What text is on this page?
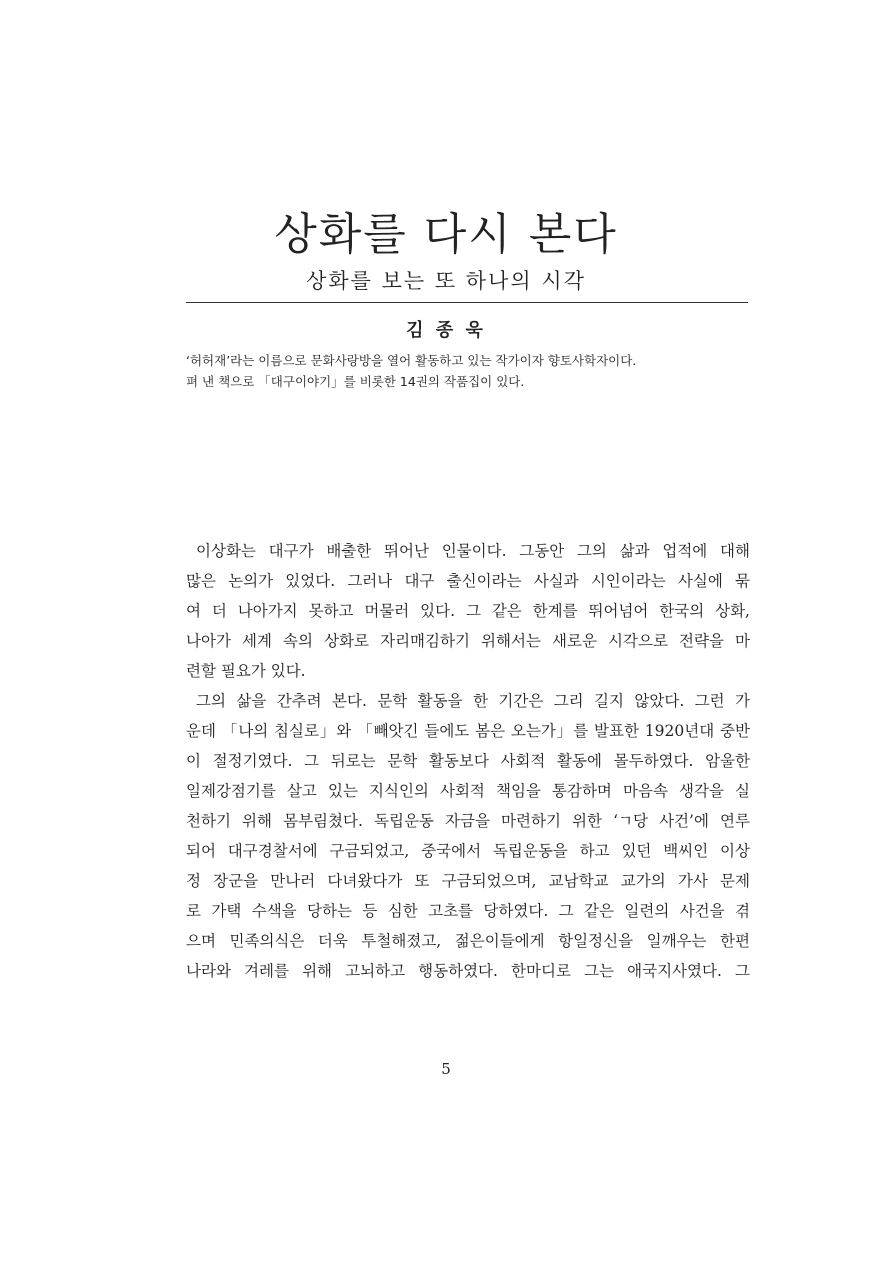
상화를 다시 본다
상화를 보는 또 하나의 시각
김 종 욱
‘허허재’라는 이름으로 문화사랑방을 열어 활동하고 있는 작가이자 향토사학자이다.
펴 낸 책으로 「대구이야기」를 비롯한 14권의 작품집이 있다.
이상화는 대구가 배출한 뛰어난 인물이다. 그동안 그의 삶과 업적에 대해
많은 논의가 있었다. 그러나 대구 출신이라는 사실과 시인이라는 사실에 묶
여 더 나아가지 못하고 머물러 있다. 그 같은 한계를 뛰어넘어 한국의 상화,
나아가 세계 속의 상화로 자리매김하기 위해서는 새로운 시각으로 전략을 마
련할 필요가 있다.
그의 삶을 간추려 본다. 문학 활동을 한 기간은 그리 길지 않았다. 그런 가
운데 「나의 침실로」와 「빼앗긴 들에도 봄은 오는가」를 발표한 1920년대 중반
이 절정기였다. 그 뒤로는 문학 활동보다 사회적 활동에 몰두하였다. 암울한
일제강점기를 살고 있는 지식인의 사회적 책임을 통감하며 마음속 생각을 실
천하기 위해 몸부림쳤다. 독립운동 자금을 마련하기 위한 ‘ㄱ당 사건’에 연루
되어 대구경찰서에 구금되었고, 중국에서 독립운동을 하고 있던 백씨인 이상
정 장군을 만나러 다녀왔다가 또 구금되었으며, 교남학교 교가의 가사 문제
로 가택 수색을 당하는 등 심한 고초를 당하였다. 그 같은 일련의 사건을 겪
으며 민족의식은 더욱 투철해졌고, 젊은이들에게 항일정신을 일깨우는 한편
나라와 겨레를 위해 고뇌하고 행동하였다. 한마디로 그는 애국지사였다. 그
5
